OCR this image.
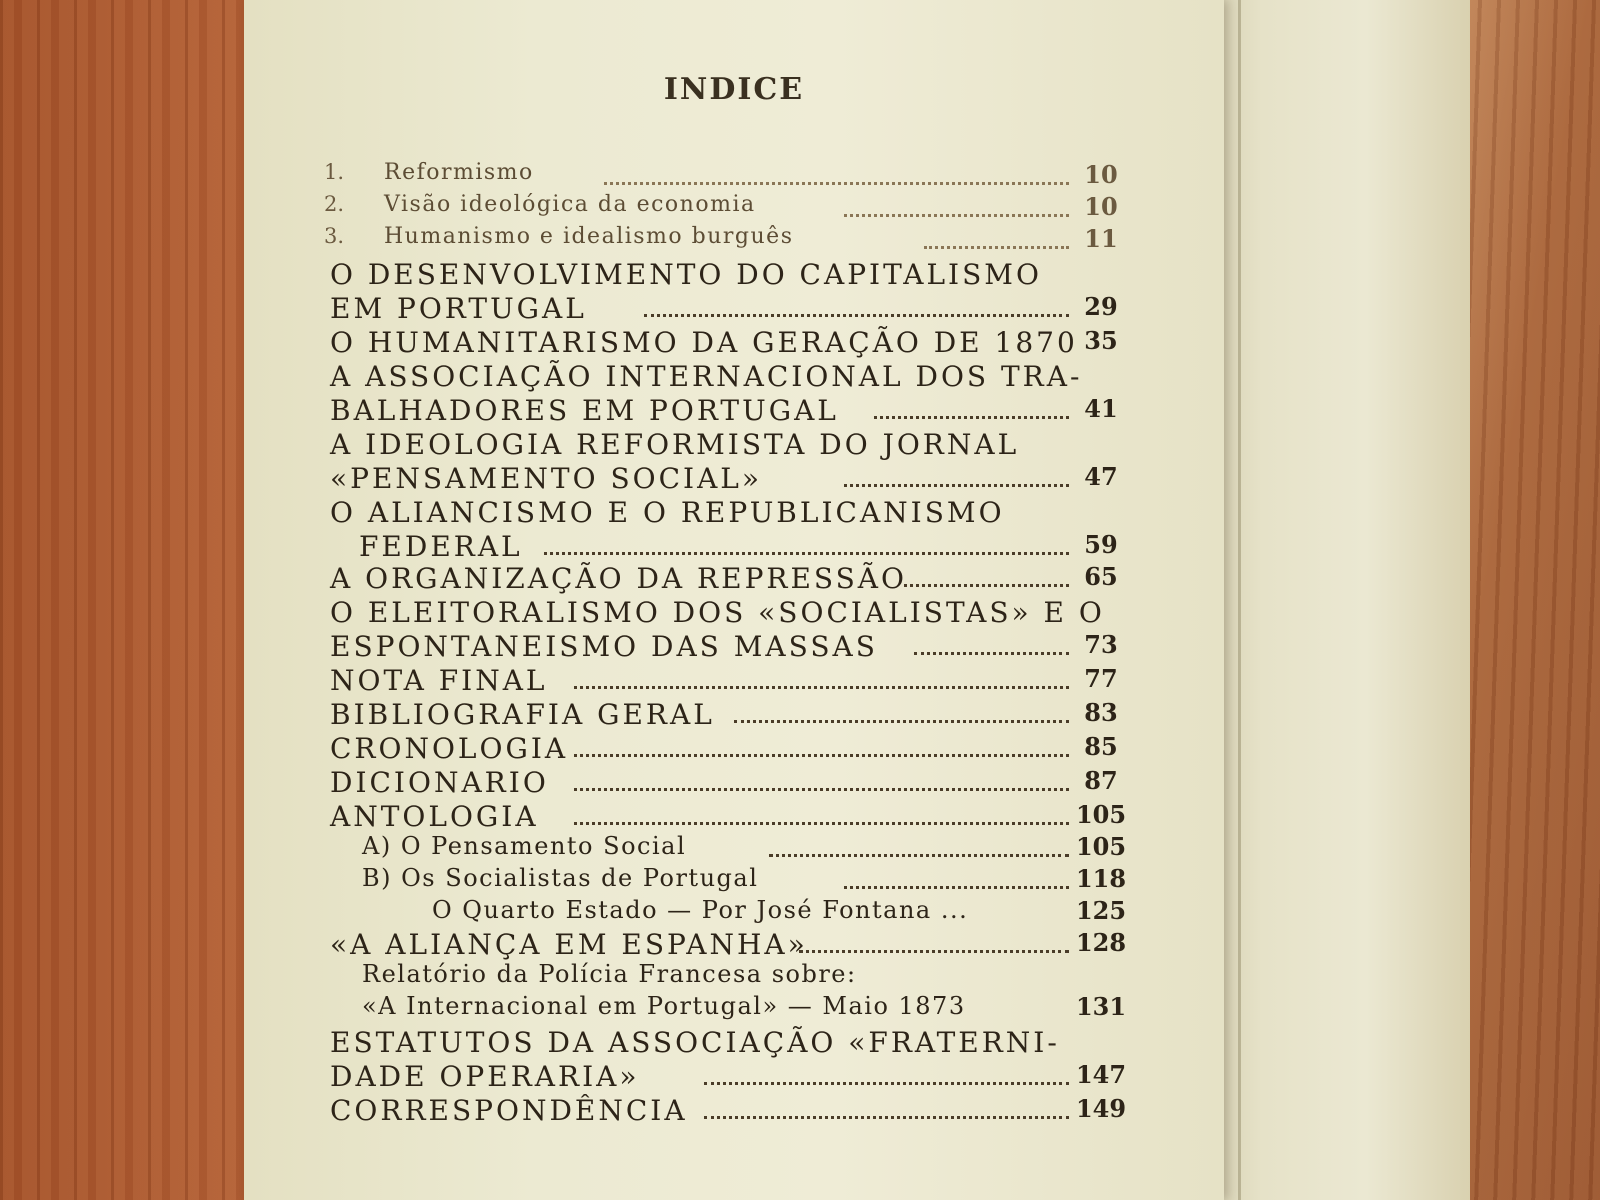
INDICE
1. Reformismo	10
2. Visão ideológica da economia	10
3. Humanismo e idealismo burguês	11
O DESENVOLVIMENTO DO CAPITALISMO
EM PORTUGAL	29
O HUMANITARISMO DA GERAÇÃO DE 1870 35
A ASSOCIAÇÃO INTERNACIONAL DOS TRA-
BALHADORES EM PORTUGAL	41
A IDEOLOGIA REFORMISTA DO JORNAL
«PENSAMENTO SOCIAL»	47
O ALIANCISMO E O REPUBLICANISMO
FEDERAL	59
A ORGANIZAÇÃO DA REPRESSÃO	65
O ELEITORALISMO DOS «SOCIALISTAS» E O
ESPONTANEISMO DAS MASSAS	73
NOTA FINAL	77
BIBLIOGRAFIA GERAL	83
CRONOLOGIA	85
DICIONARIO	87
ANTOLOGIA	105
A) O Pensamento Social	105
B) Os Socialistas de Portugal	118
O Quarto Estado — Por José Fontana ...	125
«A ALIANÇA EM ESPANHA»	128
Relatório da Polícia Francesa sobre:
«A Internacional em Portugal» — Maio 1873	131
ESTATUTOS DA ASSOCIAÇÃO «FRATERNI-
DADE OPERARIA»	147
CORRESPONDÊNCIA	149
